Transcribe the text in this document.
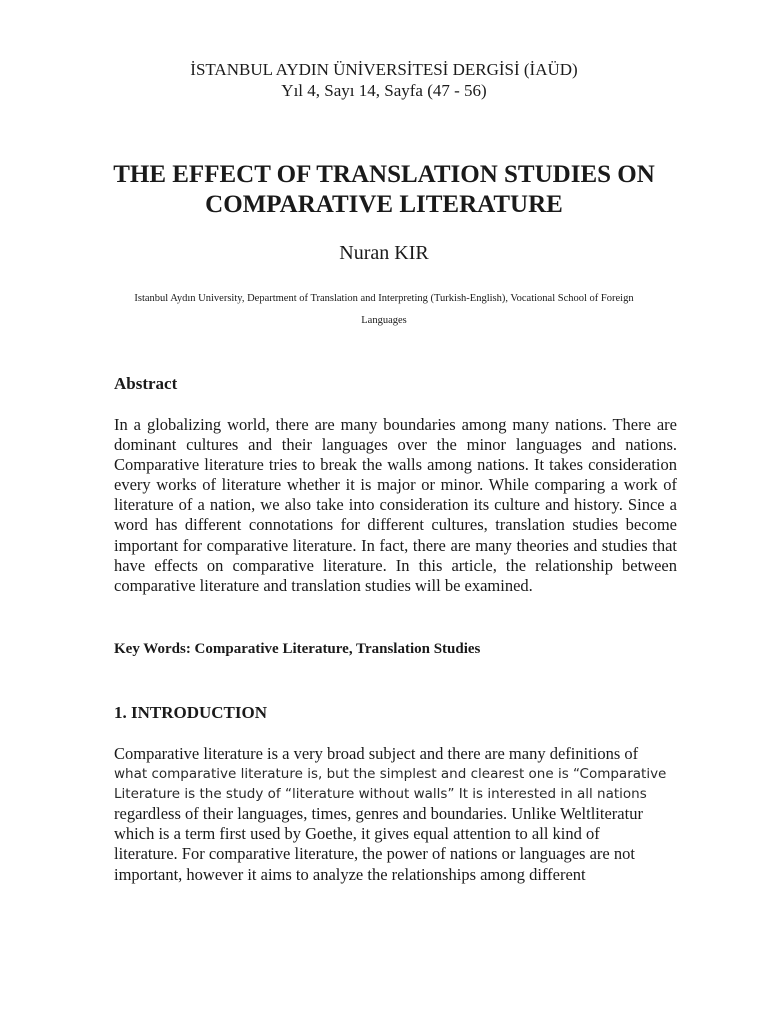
İSTANBUL AYDIN ÜNİVERSİTESİ DERGİSİ (İAÜD)
Yıl 4, Sayı 14, Sayfa (47 - 56)
THE EFFECT OF TRANSLATION STUDIES ON
COMPARATIVE LITERATURE
Nuran KIR
Istanbul Aydın University, Department of Translation and Interpreting (Turkish-English), Vocational School of Foreign
Languages
Abstract
In a globalizing world, there are many boundaries among many nations. There are dominant cultures and their languages over the minor languages and nations. Comparative literature tries to break the walls among nations. It takes consideration every works of literature whether it is major or minor. While comparing a work of literature of a nation, we also take into consideration its culture and history. Since a word has different connotations for different cultures, translation studies become important for comparative literature. In fact, there are many theories and studies that have effects on comparative literature. In this article, the relationship between comparative literature and translation studies will be examined.
Key Words: Comparative Literature, Translation Studies
1. INTRODUCTION
Comparative literature is a very broad subject and there are many definitions of
what comparative literature is, but the simplest and clearest one is “Comparative
Literature is the study of “literature without walls” It is interested in all nations
regardless of their languages, times, genres and boundaries. Unlike Weltliteratur
which is a term first used by Goethe, it gives equal attention to all kind of
literature. For comparative literature, the power of nations or languages are not
important, however it aims to analyze the relationships among different
